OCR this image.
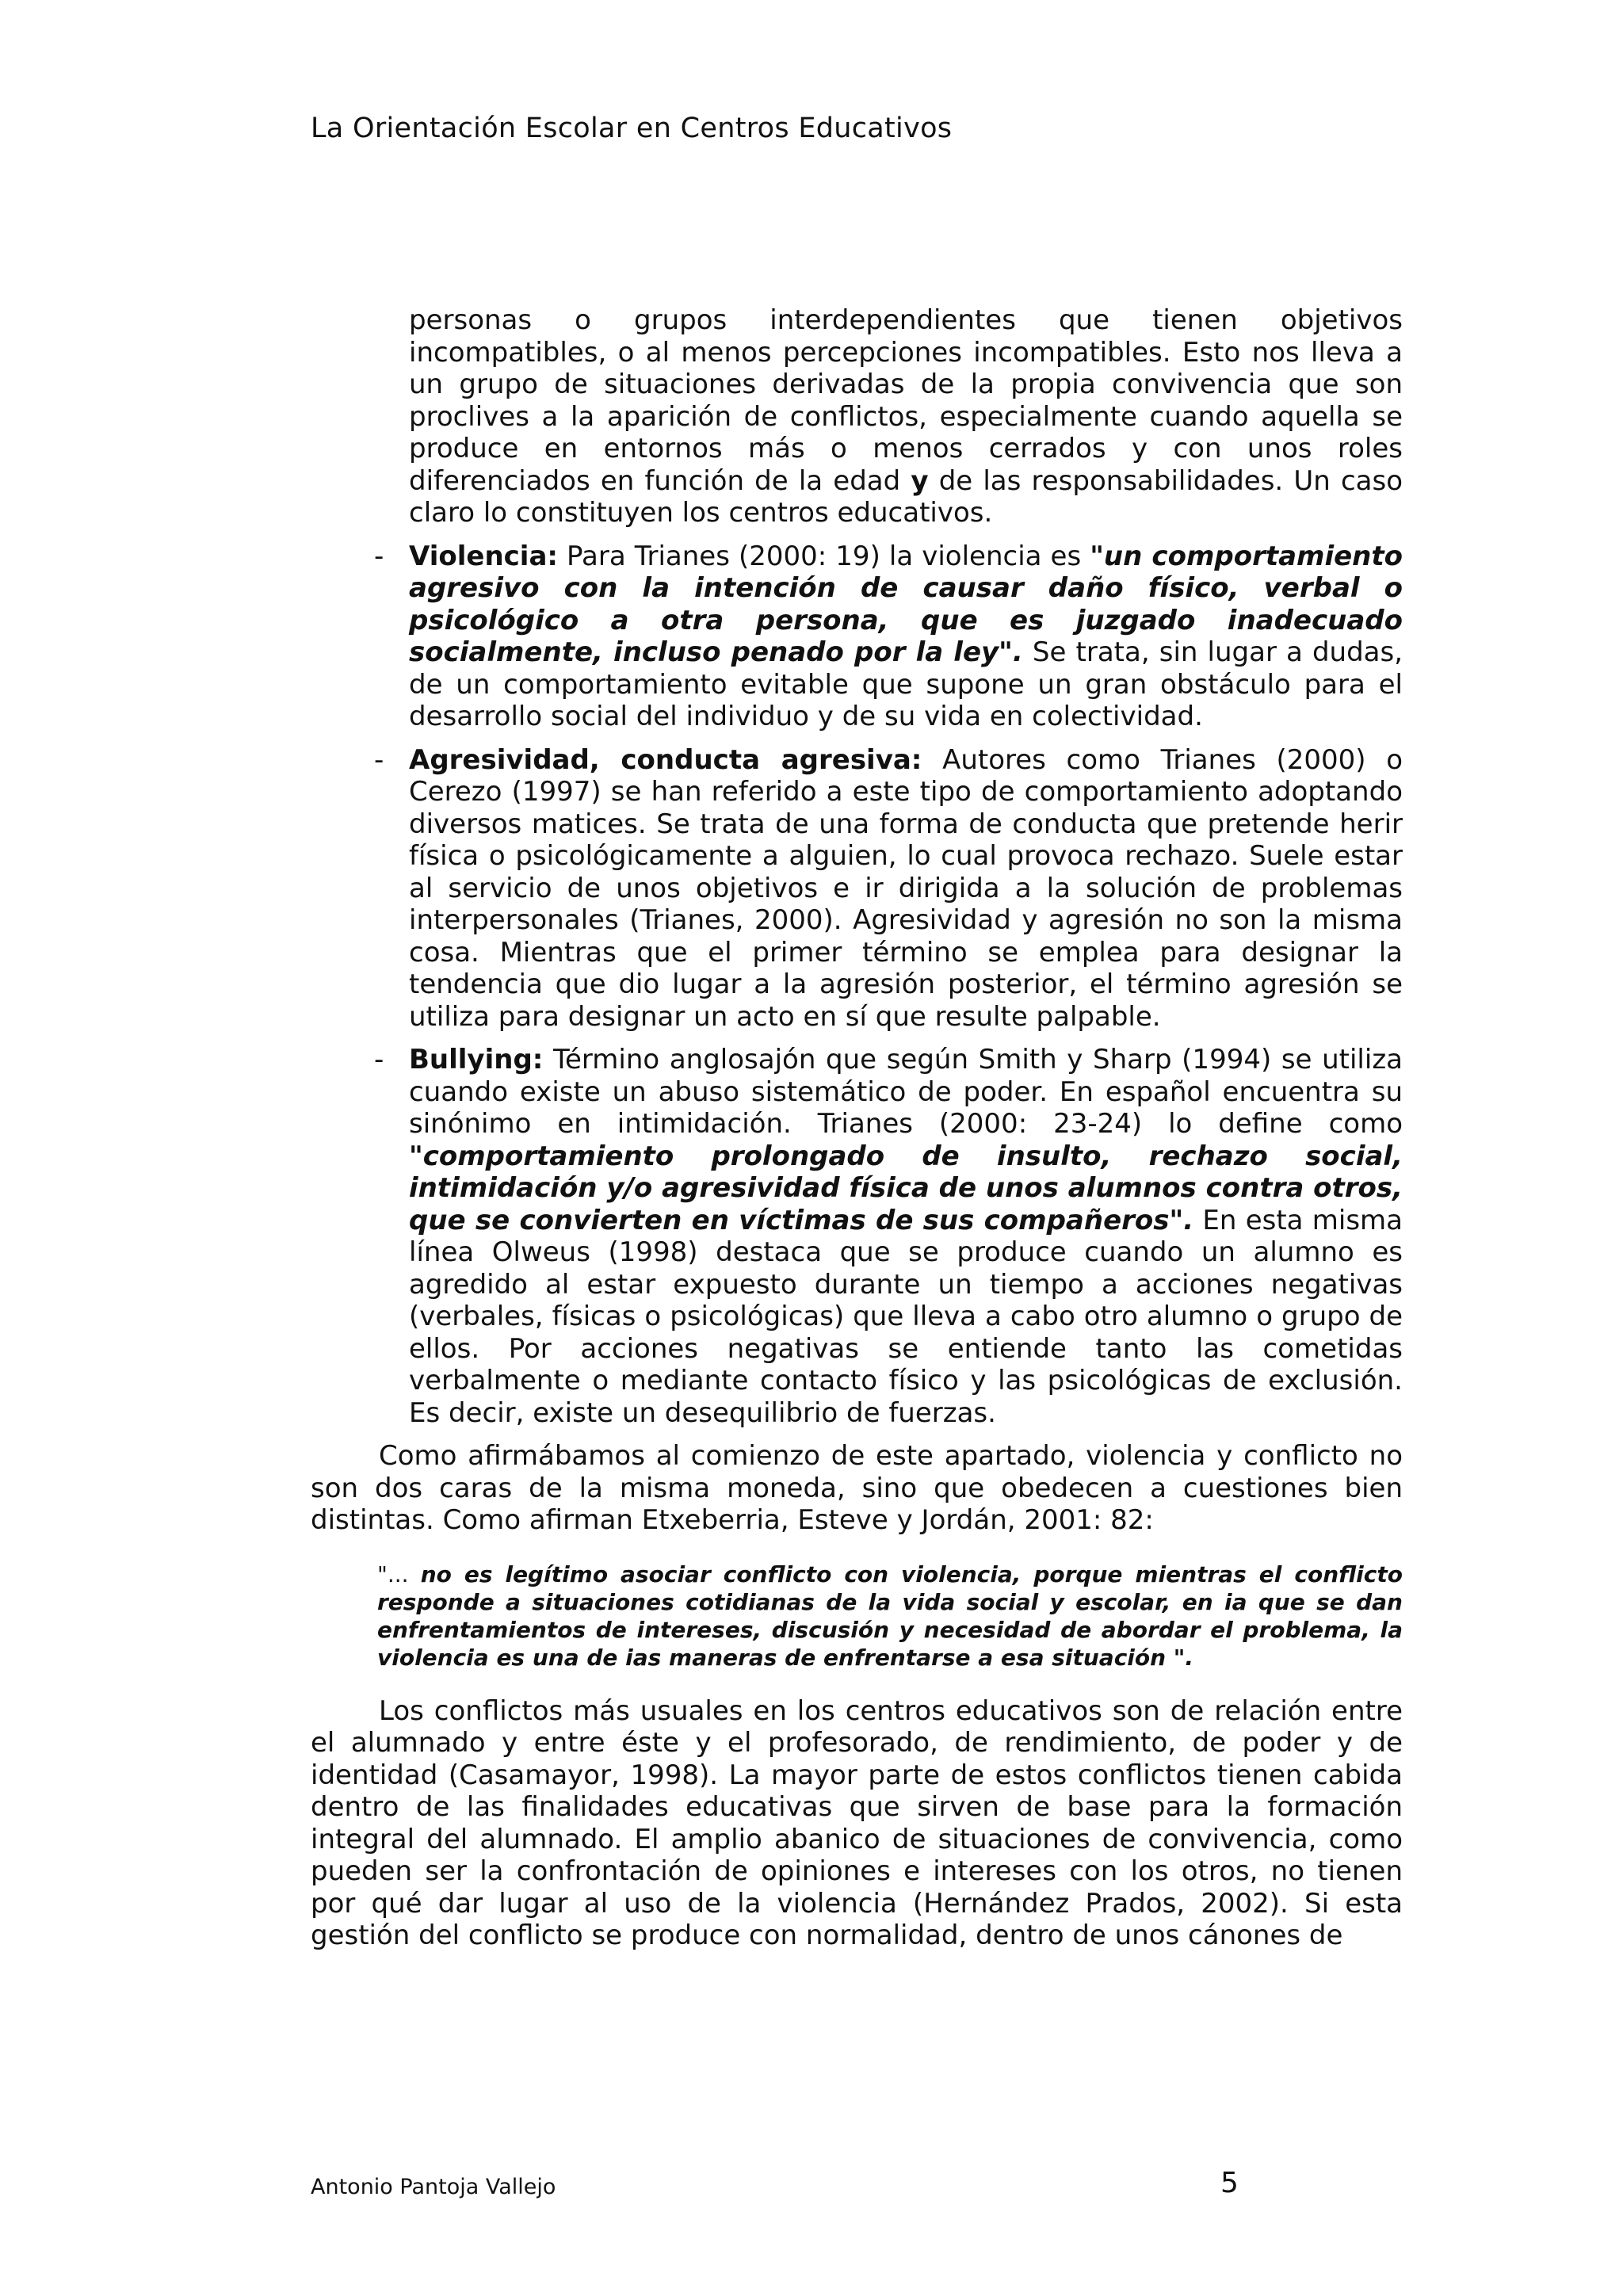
La Orientación Escolar en Centros Educativos

personas o grupos interdependientes que tienen objetivos incompatibles, o al menos percepciones incompatibles. Esto nos lleva a un grupo de situaciones derivadas de la propia convivencia que son proclives a la aparición de conflictos, especialmente cuando aquella se produce en entornos más o menos cerrados y con unos roles diferenciados en función de la edad y de las responsabilidades. Un caso claro lo constituyen los centros educativos.

- Violencia: Para Trianes (2000: 19) la violencia es "un comportamiento agresivo con la intención de causar daño físico, verbal o psicológico a otra persona, que es juzgado inadecuado socialmente, incluso penado por la ley". Se trata, sin lugar a dudas, de un comportamiento evitable que supone un gran obstáculo para el desarrollo social del individuo y de su vida en colectividad.

- Agresividad, conducta agresiva: Autores como Trianes (2000) o Cerezo (1997) se han referido a este tipo de comportamiento adoptando diversos matices. Se trata de una forma de conducta que pretende herir física o psicológicamente a alguien, lo cual provoca rechazo. Suele estar al servicio de unos objetivos e ir dirigida a la solución de problemas interpersonales (Trianes, 2000). Agresividad y agresión no son la misma cosa. Mientras que el primer término se emplea para designar la tendencia que dio lugar a la agresión posterior, el término agresión se utiliza para designar un acto en sí que resulte palpable.

- Bullying: Término anglosajón que según Smith y Sharp (1994) se utiliza cuando existe un abuso sistemático de poder. En español encuentra su sinónimo en intimidación. Trianes (2000: 23-24) lo define como "comportamiento prolongado de insulto, rechazo social, intimidación y/o agresividad física de unos alumnos contra otros, que se convierten en víctimas de sus compañeros". En esta misma línea Olweus (1998) destaca que se produce cuando un alumno es agredido al estar expuesto durante un tiempo a acciones negativas (verbales, físicas o psicológicas) que lleva a cabo otro alumno o grupo de ellos. Por acciones negativas se entiende tanto las cometidas verbalmente o mediante contacto físico y las psicológicas de exclusión. Es decir, existe un desequilibrio de fuerzas.

Como afirmábamos al comienzo de este apartado, violencia y conflicto no son dos caras de la misma moneda, sino que obedecen a cuestiones bien distintas. Como afirman Etxeberria, Esteve y Jordán, 2001: 82:

"... no es legítimo asociar conflicto con violencia, porque mientras el conflicto responde a situaciones cotidianas de la vida social y escolar, en ia que se dan enfrentamientos de intereses, discusión y necesidad de abordar el problema, la violencia es una de ias maneras de enfrentarse a esa situación ".

Los conflictos más usuales en los centros educativos son de relación entre el alumnado y entre éste y el profesorado, de rendimiento, de poder y de identidad (Casamayor, 1998). La mayor parte de estos conflictos tienen cabida dentro de las finalidades educativas que sirven de base para la formación integral del alumnado. El amplio abanico de situaciones de convivencia, como pueden ser la confrontación de opiniones e intereses con los otros, no tienen por qué dar lugar al uso de la violencia (Hernández Prados, 2002). Si esta gestión del conflicto se produce con normalidad, dentro de unos cánones de

Antonio Pantoja Vallejo	5
